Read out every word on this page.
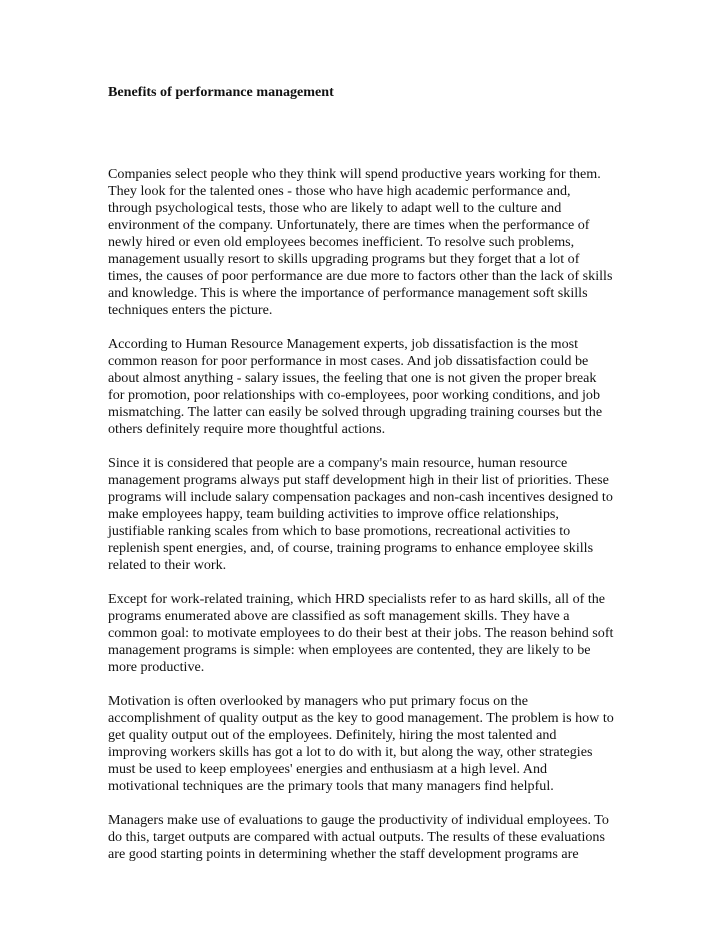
Benefits of performance management
Companies select people who they think will spend productive years working for them.
They look for the talented ones - those who have high academic performance and,
through psychological tests, those who are likely to adapt well to the culture and
environment of the company. Unfortunately, there are times when the performance of
newly hired or even old employees becomes inefficient. To resolve such problems,
management usually resort to skills upgrading programs but they forget that a lot of
times, the causes of poor performance are due more to factors other than the lack of skills
and knowledge. This is where the importance of performance management soft skills
techniques enters the picture.
According to Human Resource Management experts, job dissatisfaction is the most
common reason for poor performance in most cases. And job dissatisfaction could be
about almost anything - salary issues, the feeling that one is not given the proper break
for promotion, poor relationships with co-employees, poor working conditions, and job
mismatching. The latter can easily be solved through upgrading training courses but the
others definitely require more thoughtful actions.
Since it is considered that people are a company's main resource, human resource
management programs always put staff development high in their list of priorities. These
programs will include salary compensation packages and non-cash incentives designed to
make employees happy, team building activities to improve office relationships,
justifiable ranking scales from which to base promotions, recreational activities to
replenish spent energies, and, of course, training programs to enhance employee skills
related to their work.
Except for work-related training, which HRD specialists refer to as hard skills, all of the
programs enumerated above are classified as soft management skills. They have a
common goal: to motivate employees to do their best at their jobs. The reason behind soft
management programs is simple: when employees are contented, they are likely to be
more productive.
Motivation is often overlooked by managers who put primary focus on the
accomplishment of quality output as the key to good management. The problem is how to
get quality output out of the employees. Definitely, hiring the most talented and
improving workers skills has got a lot to do with it, but along the way, other strategies
must be used to keep employees' energies and enthusiasm at a high level. And
motivational techniques are the primary tools that many managers find helpful.
Managers make use of evaluations to gauge the productivity of individual employees. To
do this, target outputs are compared with actual outputs. The results of these evaluations
are good starting points in determining whether the staff development programs are
